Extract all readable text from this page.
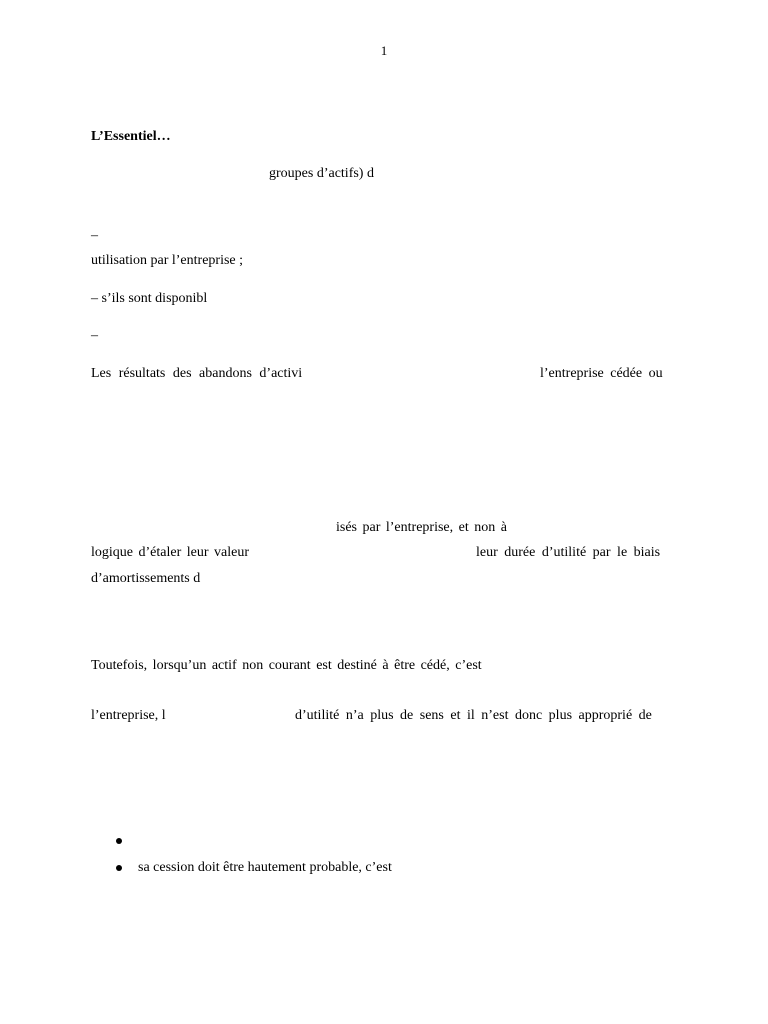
1
L’Essentiel…
groupes d’actifs) d
–
utilisation par l’entreprise ;
– s’ils sont disponibl
–
Les résultats des abandons d’activi	l’entreprise cédée ou
isés par l’entreprise, et non à
logique d’étaler leur valeur	leur durée d’utilité par le biais
d’amortissements d
Toutefois, lorsqu’un actif non courant est destiné à être cédé, c’est
l’entreprise, l	d’utilité n’a plus de sens et il n’est donc plus approprié de
sa cession doit être hautement probable, c’est
